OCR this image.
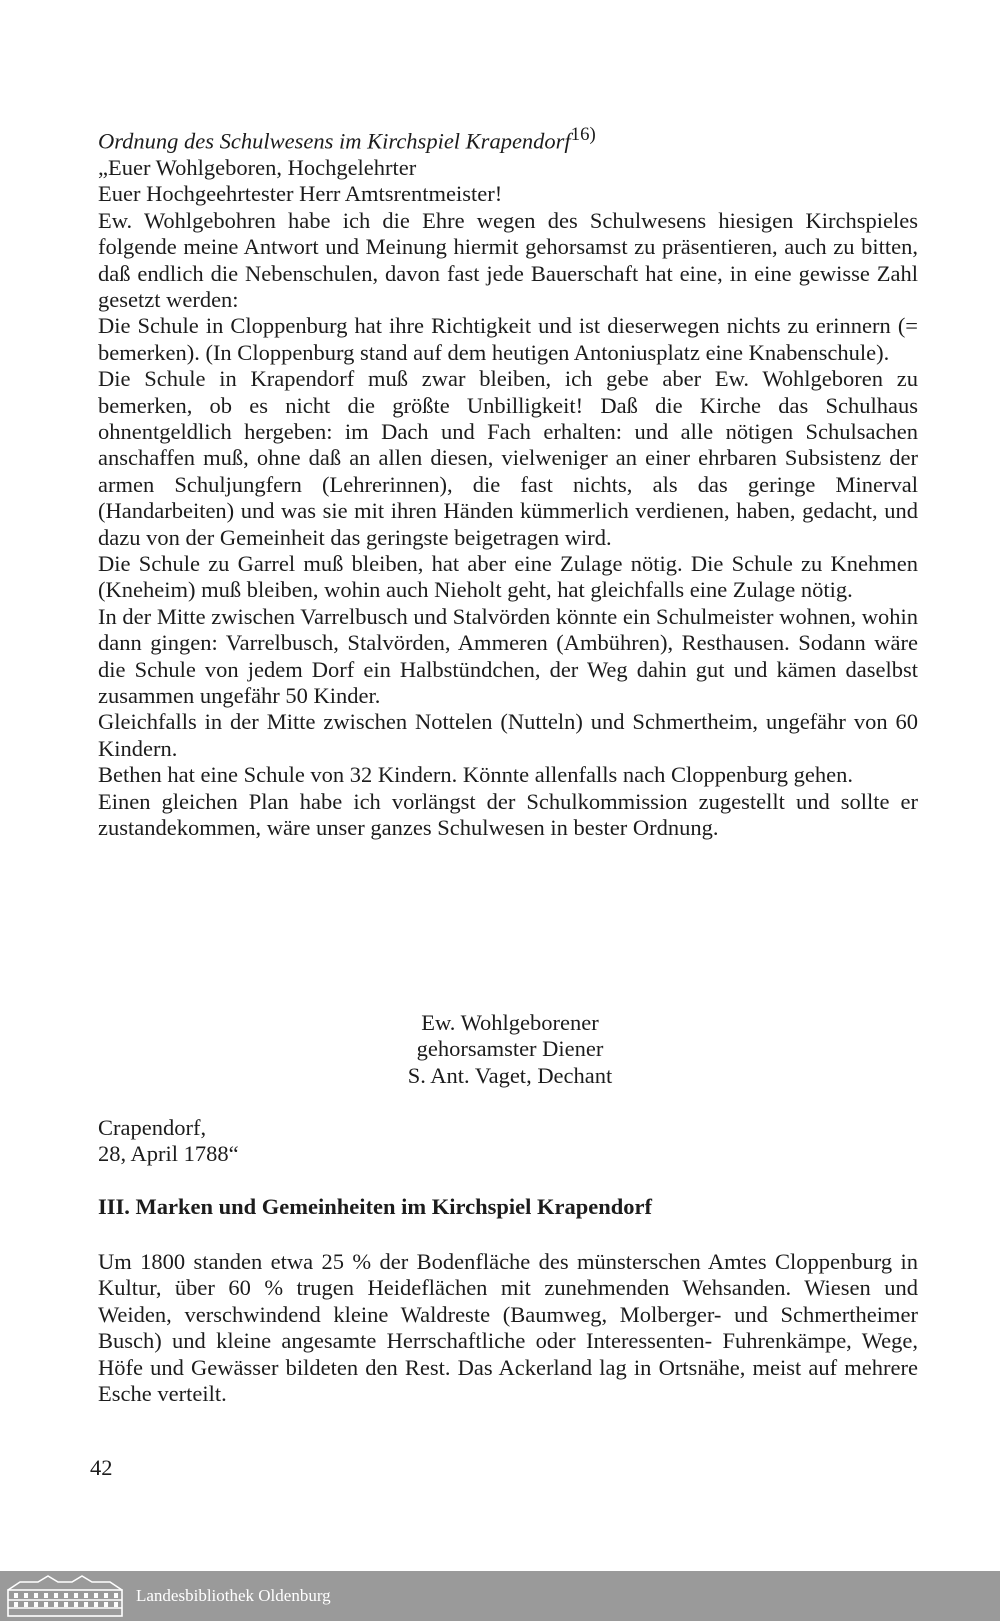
Ordnung des Schulwesens im Kirchspiel Krapendorf$^{16)}$

„Euer Wohlgeboren, Hochgelehrter

Euer Hochgeehrtester Herr Amtsrentmeister!

Ew. Wohlgebohren habe ich die Ehre wegen des Schulwesens hiesigen Kirchspieles folgende meine Antwort und Meinung hiermit gehorsamst zu präsentieren, auch zu bitten, daß endlich die Nebenschulen, davon fast jede Bauerschaft hat eine, in eine gewisse Zahl gesetzt werden:

Die Schule in Cloppenburg hat ihre Richtigkeit und ist dieserwegen nichts zu erinnern (= bemerken). (In Cloppenburg stand auf dem heutigen Antoniusplatz eine Knabenschule).

Die Schule in Krapendorf muß zwar bleiben, ich gebe aber Ew. Wohlgeboren zu bemerken, ob es nicht die größte Unbilligkeit! Daß die Kirche das Schulhaus ohnentgeldlich hergeben: im Dach und Fach erhalten: und alle nötigen Schulsachen anschaffen muß, ohne daß an allen diesen, vielweniger an einer ehrbaren Subsistenz der armen Schuljungfern (Lehrerinnen), die fast nichts, als das geringe Minerval (Handarbeiten) und was sie mit ihren Händen kümmerlich verdienen, haben, gedacht, und dazu von der Gemeinheit das geringste beigetragen wird.

Die Schule zu Garrel muß bleiben, hat aber eine Zulage nötig. Die Schule zu Knehmen (Kneheim) muß bleiben, wohin auch Nieholt geht, hat gleichfalls eine Zulage nötig.

In der Mitte zwischen Varrelbusch und Stalvörden könnte ein Schulmeister wohnen, wohin dann gingen: Varrelbusch, Stalvörden, Ammeren (Ambühren), Resthausen. Sodann wäre die Schule von jedem Dorf ein Halbstündchen, der Weg dahin gut und kämen daselbst zusammen ungefähr 50 Kinder.

Gleichfalls in der Mitte zwischen Nottelen (Nutteln) und Schmertheim, ungefähr von 60 Kindern.

Bethen hat eine Schule von 32 Kindern. Könnte allenfalls nach Cloppenburg gehen.

Einen gleichen Plan habe ich vorlängst der Schulkommission zugestellt und sollte er zustandekommen, wäre unser ganzes Schulwesen in bester Ordnung.

Ew. Wohlgeborener
gehorsamster Diener
S. Ant. Vaget, Dechant
Crapendorf,
28, April 1788“
III. Marken und Gemeinheiten im Kirchspiel Krapendorf

Um 1800 standen etwa 25 % der Bodenfläche des münsterschen Amtes Cloppenburg in Kultur, über 60 % trugen Heideflächen mit zunehmenden Wehsanden. Wiesen und Weiden, verschwindend kleine Waldreste (Baumweg, Molberger- und Schmertheimer Busch) und kleine angesamte Herrschaftliche oder Interessenten- Fuhrenkämpe, Wege, Höfe und Gewässer bildeten den Rest. Das Ackerland lag in Ortsnähe, meist auf mehrere Esche verteilt.

42
Landesbibliothek Oldenburg
